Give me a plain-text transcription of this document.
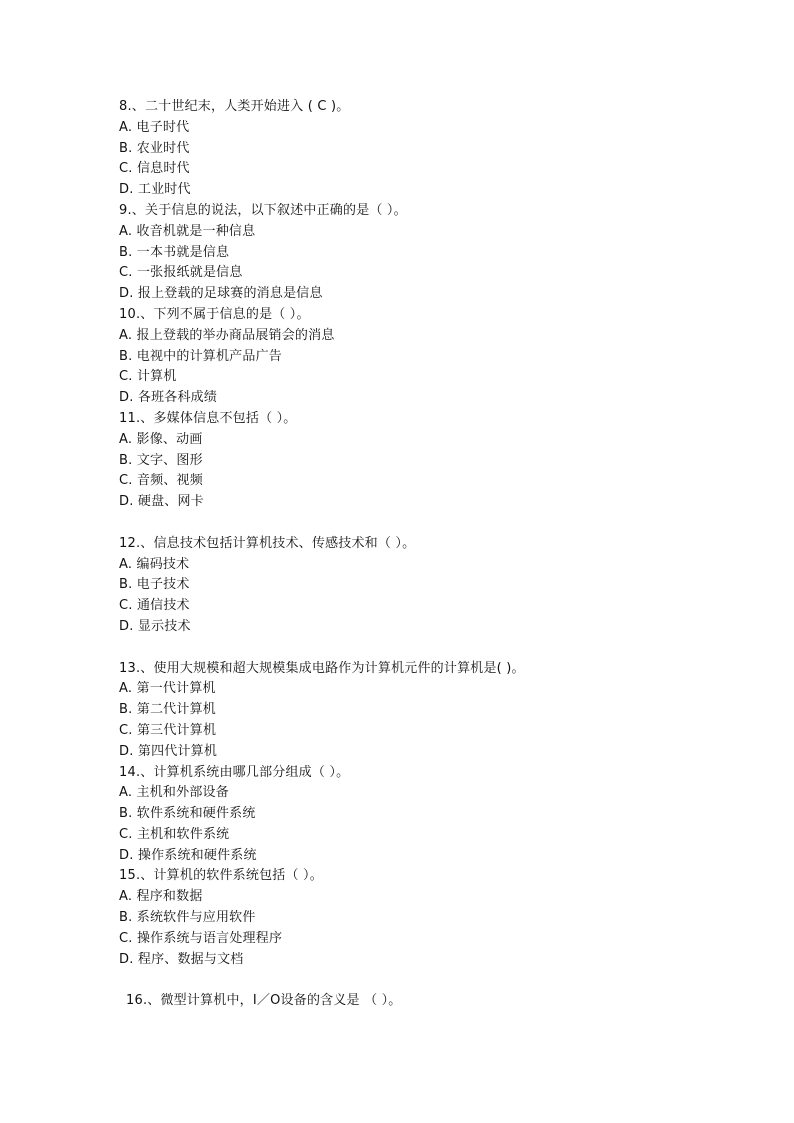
8.、二十世纪末，人类开始进入 ( C )。
A. 电子时代
B. 农业时代
C. 信息时代
D. 工业时代
9.、关于信息的说法，以下叙述中正确的是（ ）。
A. 收音机就是一种信息
B. 一本书就是信息
C. 一张报纸就是信息
D. 报上登载的足球赛的消息是信息
10.、下列不属于信息的是（ ）。
A. 报上登载的举办商品展销会的消息
B. 电视中的计算机产品广告
C. 计算机
D. 各班各科成绩
11.、多媒体信息不包括（ ）。
A. 影像、动画
B. 文字、图形
C. 音频、视频
D. 硬盘、网卡
12.、信息技术包括计算机技术、传感技术和（ ）。
A. 编码技术
B. 电子技术
C. 通信技术
D. 显示技术
13.、使用大规模和超大规模集成电路作为计算机元件的计算机是( )。
A. 第一代计算机
B. 第二代计算机
C. 第三代计算机
D. 第四代计算机
14.、计算机系统由哪几部分组成（ ）。
A. 主机和外部设备
B. 软件系统和硬件系统
C. 主机和软件系统
D. 操作系统和硬件系统
15.、计算机的软件系统包括（ ）。
A. 程序和数据
B. 系统软件与应用软件
C. 操作系统与语言处理程序
D. 程序、数据与文档
16.、微型计算机中，I／O设备的含义是 （ ）。
